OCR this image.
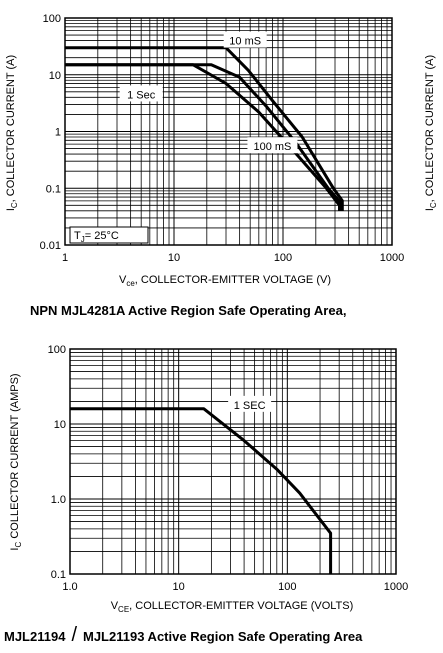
1	10	100	1000
100
10
1
0.1
0.01
10 mS
1 Sec
100 mS
1.0	10	100	1000
100
10
1.0
0.1
1 SEC
$V_{ce}$, COLLECTOR-EMITTER VOLTAGE (V)
$I_C$, COLLECTOR CURRENT (A)
$I_C$, COLLECTOR CURRENT (A)
$T_J= 25^\circ C$
NPN MJL4281A Active Region Safe Operating Area,
$V_{CE}$, COLLECTOR-EMITTER VOLTAGE (VOLTS)
$I_C$ COLLECTOR CURRENT (AMPS)
MJL21194 / MJL21193 Active Region Safe Operating Area
